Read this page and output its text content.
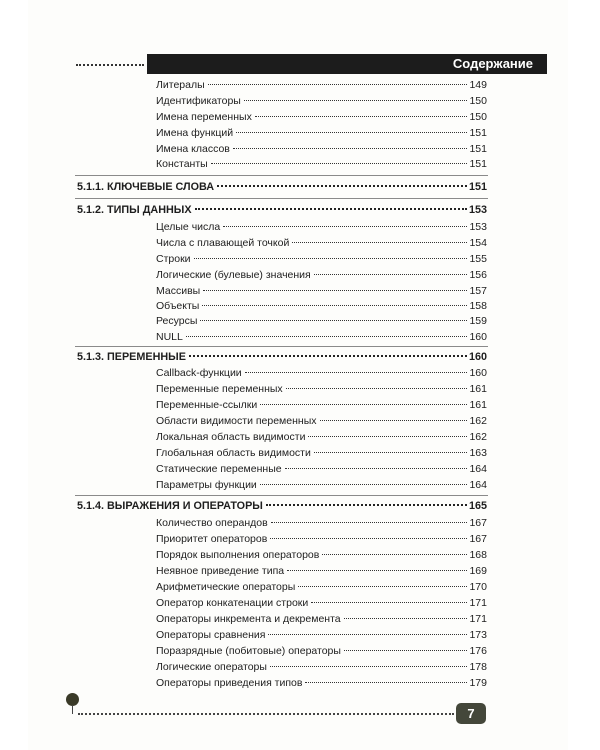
Содержание
Литералы	149
Идентификаторы	150
Имена переменных	150
Имена функций	151
Имена классов	151
Константы	151
5.1.1. КЛЮЧЕВЫЕ СЛОВА	151
5.1.2. ТИПЫ ДАННЫХ	153
Целые числа	153
Числа с плавающей точкой	154
Строки	155
Логические (булевые) значения	156
Массивы	157
Объекты	158
Ресурсы	159
NULL	160
5.1.3. ПЕРЕМЕННЫЕ	160
Callback-функции	160
Переменные переменных	161
Переменные-ссылки	161
Области видимости переменных	162
Локальная область видимости	162
Глобальная область видимости	163
Статические переменные	164
Параметры функции	164
5.1.4. ВЫРАЖЕНИЯ И ОПЕРАТОРЫ	165
Количество операндов	167
Приоритет операторов	167
Порядок выполнения операторов	168
Неявное приведение типа	169
Арифметические операторы	170
Оператор конкатенации строки	171
Операторы инкремента и декремента	171
Операторы сравнения	173
Поразрядные (побитовые) операторы	176
Логические операторы	178
Операторы приведения типов	179
7
